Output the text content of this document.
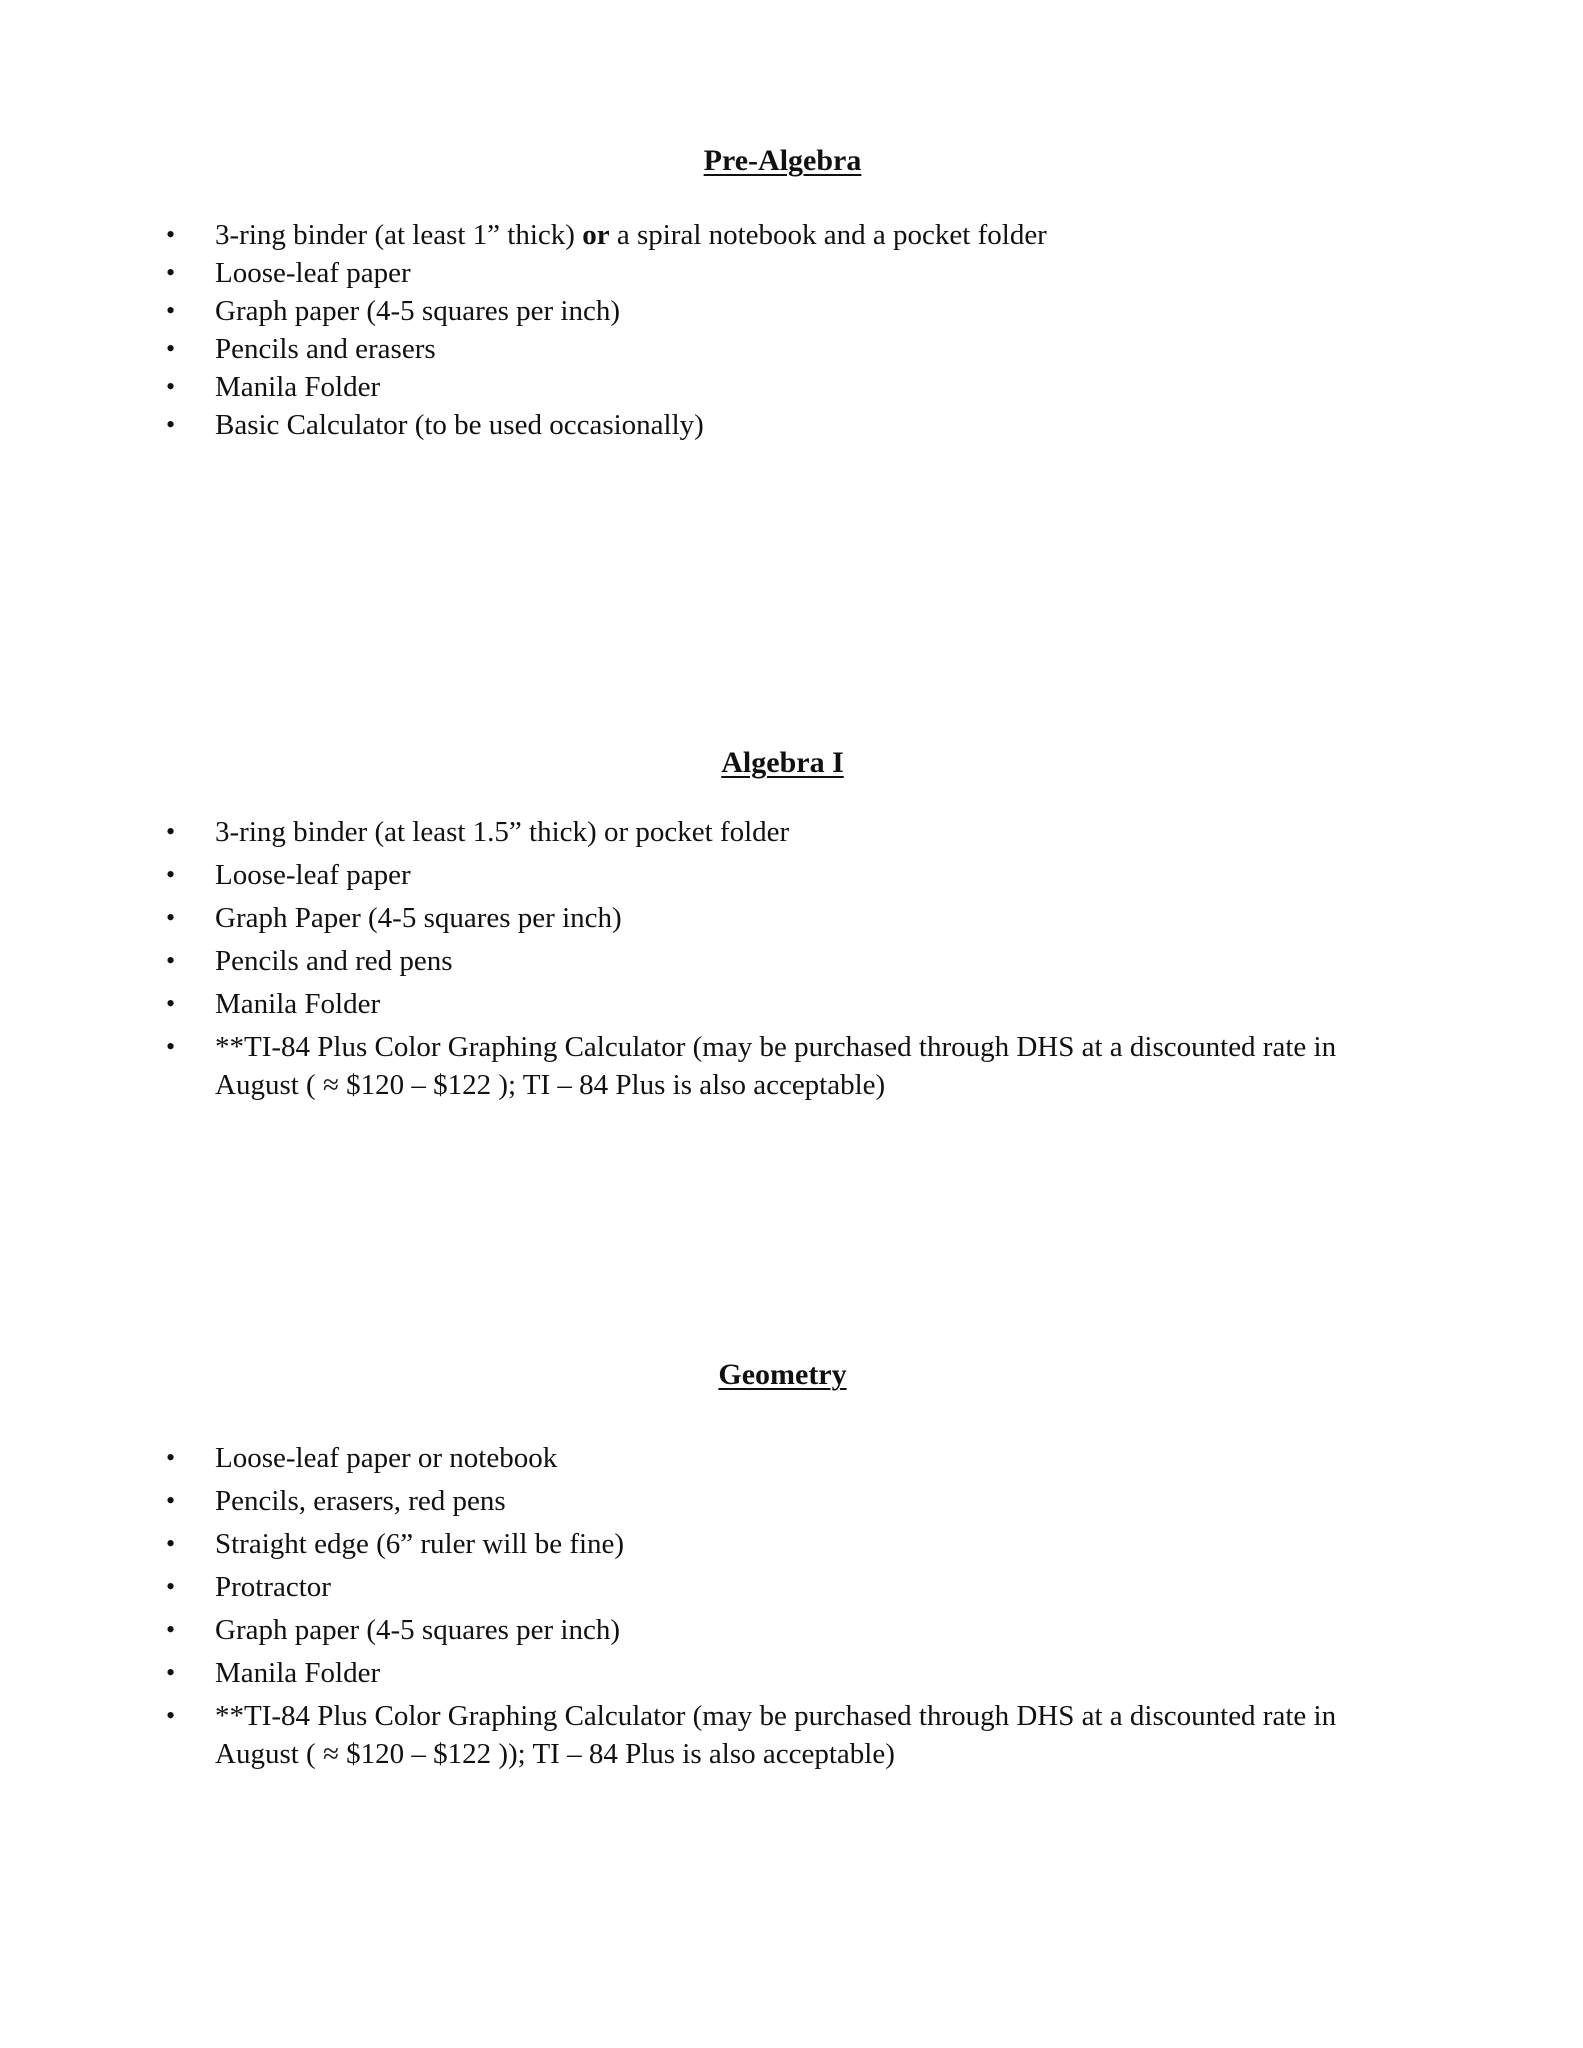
Pre-Algebra
• 3-ring binder (at least 1” thick) or a spiral notebook and a pocket folder
• Loose-leaf paper
• Graph paper (4-5 squares per inch)
• Pencils and erasers
• Manila Folder
• Basic Calculator (to be used occasionally)
Algebra I
• 3-ring binder (at least 1.5” thick) or pocket folder
• Loose-leaf paper
• Graph Paper (4-5 squares per inch)
• Pencils and red pens
• Manila Folder
• **TI-84 Plus Color Graphing Calculator (may be purchased through DHS at a discounted rate in
August ( ≈ $120 – $122 ); TI – 84 Plus is also acceptable)
Geometry
• Loose-leaf paper or notebook
• Pencils, erasers, red pens
• Straight edge (6” ruler will be fine)
• Protractor
• Graph paper (4-5 squares per inch)
• Manila Folder
• **TI-84 Plus Color Graphing Calculator (may be purchased through DHS at a discounted rate in
August ( ≈ $120 – $122 )); TI – 84 Plus is also acceptable)
